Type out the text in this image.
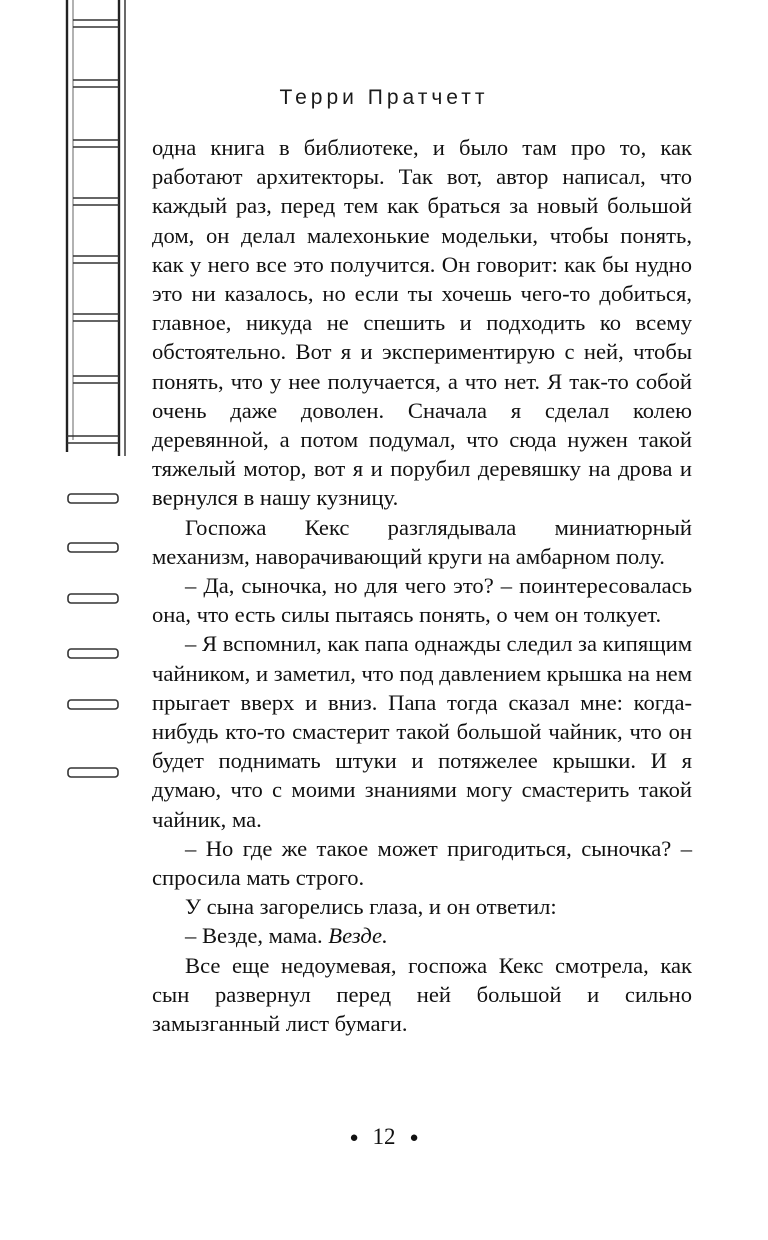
Терри Пратчетт

одна книга в библиотеке, и было там про то, как работают архитекторы. Так вот, автор написал, что каждый раз, перед тем как браться за новый большой дом, он делал малехонькие модельки, чтобы понять, как у него все это получится. Он говорит: как бы нудно это ни казалось, но если ты хочешь чего-то добиться, главное, никуда не спешить и подходить ко всему обстоятельно. Вот я и экспериментирую с ней, чтобы понять, что у нее получается, а что нет. Я так-то собой очень даже доволен. Сначала я сделал колею деревянной, а потом подумал, что сюда нужен такой тяжелый мотор, вот я и порубил деревяшку на дрова и вернулся в нашу кузницу.

Госпожа Кекс разглядывала миниатюрный механизм, наворачивающий круги на амбарном полу.

– Да, сыночка, но для чего это? – поинтересовалась она, что есть силы пытаясь понять, о чем он толкует.

– Я вспомнил, как папа однажды следил за кипящим чайником, и заметил, что под давлением крышка на нем прыгает вверх и вниз. Папа тогда сказал мне: когда-нибудь кто-то смастерит такой большой чайник, что он будет поднимать штуки и потяжелее крышки. И я думаю, что с моими знаниями могу смастерить такой чайник, ма.

– Но где же такое может пригодиться, сыночка? – спросила мать строго.

У сына загорелись глаза, и он ответил:

– Везде, мама. Везде.

Все еще недоумевая, госпожа Кекс смотрела, как сын развернул перед ней большой и сильно замызганный лист бумаги.

● 12 ●
